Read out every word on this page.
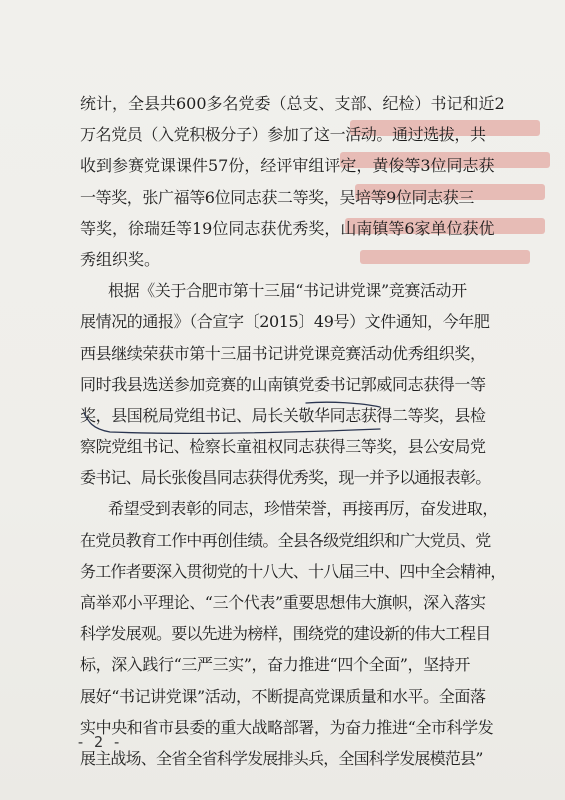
统计，全县共600多名党委（总支、支部、纪检）书记和近2
万名党员（入党积极分子）参加了这一活动。通过选拔，共
收到参赛党课课件57份，经评审组评定，黄俊等3位同志获
一等奖，张广福等6位同志获二等奖，吴培等9位同志获三
等奖，徐瑞廷等19位同志获优秀奖，山南镇等6家单位获优
秀组织奖。
根据《关于合肥市第十三届“书记讲党课”竞赛活动开
展情况的通报》（合宣字〔2015〕49号）文件通知，今年肥
西县继续荣获市第十三届书记讲党课竞赛活动优秀组织奖，
同时我县选送参加竞赛的山南镇党委书记郭威同志获得一等
奖，县国税局党组书记、局长关敬华同志获得二等奖，县检
察院党组书记、检察长童祖权同志获得三等奖，县公安局党
委书记、局长张俊昌同志获得优秀奖，现一并予以通报表彰。
希望受到表彰的同志，珍惜荣誉，再接再厉，奋发进取，
在党员教育工作中再创佳绩。全县各级党组织和广大党员、党
务工作者要深入贯彻党的十八大、十八届三中、四中全会精神，
高举邓小平理论、“三个代表”重要思想伟大旗帜，深入落实
科学发展观。要以先进为榜样，围绕党的建设新的伟大工程目
标，深入践行“三严三实”，奋力推进“四个全面”，坚持开
展好“书记讲党课”活动，不断提高党课质量和水平。全面落
实中央和省市县委的重大战略部署，为奋力推进“全市科学发
展主战场、全省全省科学发展排头兵，全国科学发展模范县”
- 2 -
